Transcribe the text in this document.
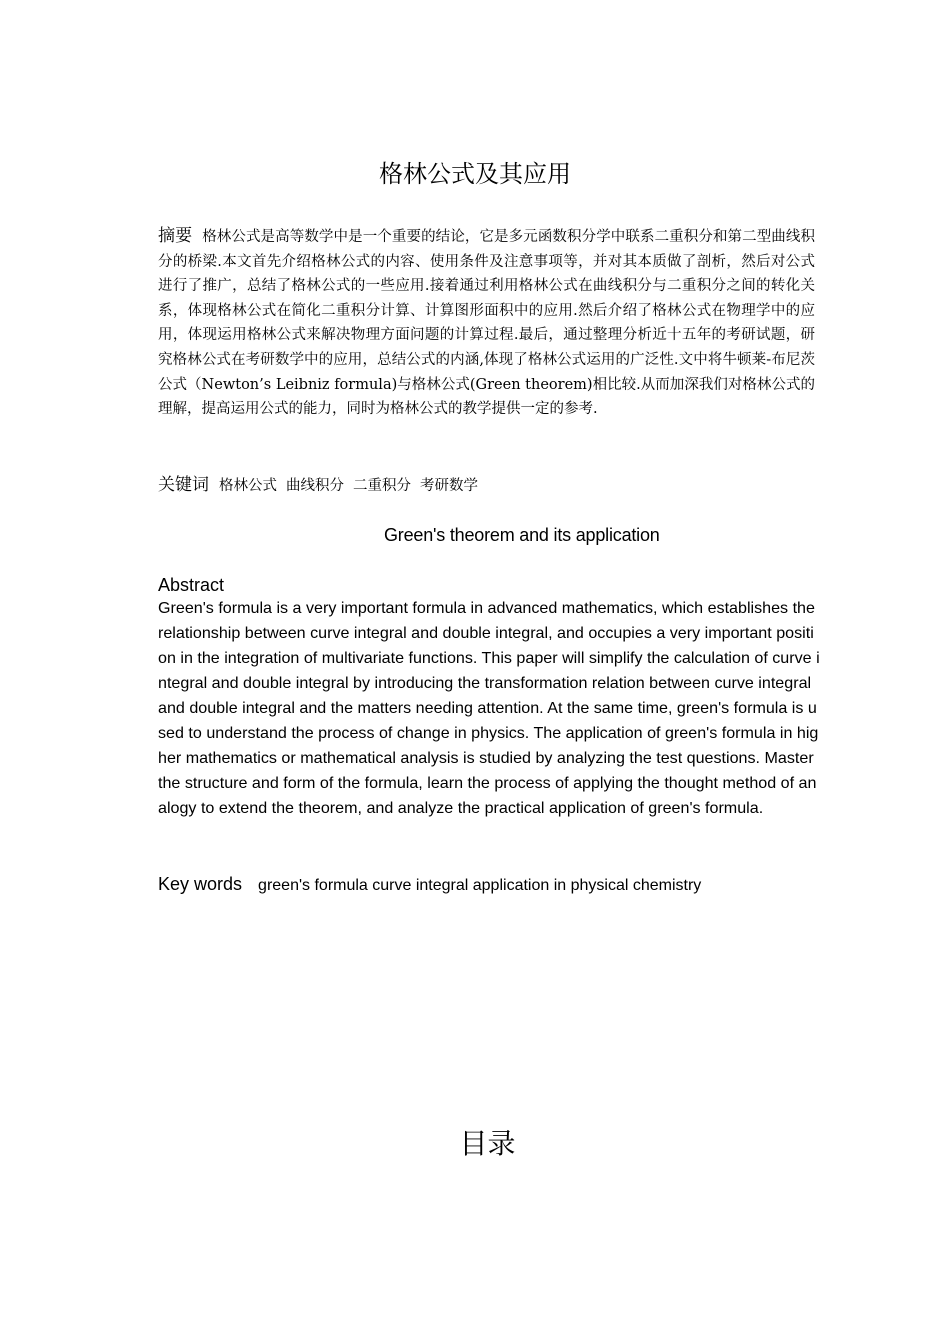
格林公式及其应用

摘要 格林公式是高等数学中是一个重要的结论，它是多元函数积分学中联系二重积分和第二型曲线积分的桥梁.本文首先介绍格林公式的内容、使用条件及注意事项等，并对其本质做了剖析，然后对公式进行了推广，总结了格林公式的一些应用.接着通过利用格林公式在曲线积分与二重积分之间的转化关系，体现格林公式在简化二重积分计算、计算图形面积中的应用.然后介绍了格林公式在物理学中的应用，体现运用格林公式来解决物理方面问题的计算过程.最后，通过整理分析近十五年的考研试题，研究格林公式在考研数学中的应用，总结公式的内涵,体现了格林公式运用的广泛性.文中将牛顿莱-布尼茨公式（Newton’s Leibniz formula)与格林公式(Green theorem)相比较.从而加深我们对格林公式的理解，提高运用公式的能力，同时为格林公式的教学提供一定的参考.

关键词 格林公式 曲线积分 二重积分 考研数学

Green's theorem and its application
Abstract

Green's formula is a very important formula in advanced mathematics, which establishes the relationship between curve integral and double integral, and occupies a very important position in the integration of multivariate functions. This paper will simplify the calculation of curve integral and double integral by introducing the transformation relation between curve integral and double integral and the matters needing attention. At the same time, green's formula is used to understand the process of change in physics. The application of green's formula in higher mathematics or mathematical analysis is studied by analyzing the test questions. Master the structure and form of the formula, learn the process of applying the thought method of analogy to extend the theorem, and analyze the practical application of green's formula.

Key words green's formula curve integral application in physical chemistry

目录
